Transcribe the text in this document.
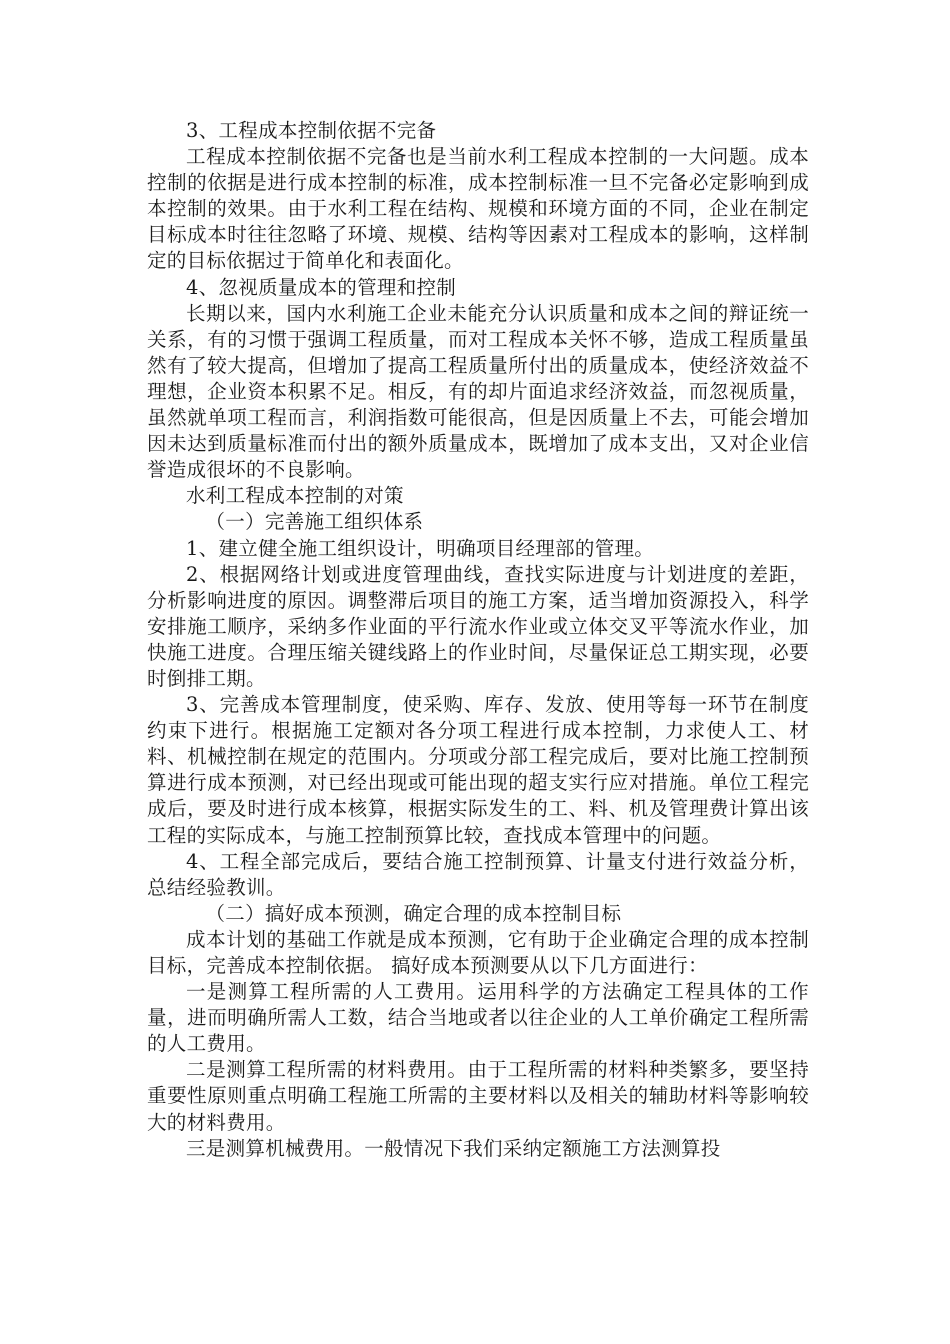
3、工程成本控制依据不完备

工程成本控制依据不完备也是当前水利工程成本控制的一大问题。成本控制的依据是进行成本控制的标准，成本控制标准一旦不完备必定影响到成本控制的效果。由于水利工程在结构、规模和环境方面的不同，企业在制定目标成本时往往忽略了环境、规模、结构等因素对工程成本的影响，这样制定的目标依据过于简单化和表面化。

4、忽视质量成本的管理和控制

长期以来，国内水利施工企业未能充分认识质量和成本之间的辩证统一关系，有的习惯于强调工程质量，而对工程成本关怀不够，造成工程质量虽然有了较大提高，但增加了提高工程质量所付出的质量成本，使经济效益不理想，企业资本积累不足。相反，有的却片面追求经济效益，而忽视质量，虽然就单项工程而言，利润指数可能很高，但是因质量上不去，可能会增加因未达到质量标准而付出的额外质量成本，既增加了成本支出，又对企业信誉造成很坏的不良影响。

水利工程成本控制的对策

（一）完善施工组织体系

1、建立健全施工组织设计，明确项目经理部的管理。

2、根据网络计划或进度管理曲线，查找实际进度与计划进度的差距，分析影响进度的原因。调整滞后项目的施工方案，适当增加资源投入，科学安排施工顺序，采纳多作业面的平行流水作业或立体交叉平等流水作业，加快施工进度。合理压缩关键线路上的作业时间，尽量保证总工期实现，必要时倒排工期。

3、完善成本管理制度，使采购、库存、发放、使用等每一环节在制度约束下进行。根据施工定额对各分项工程进行成本控制，力求使人工、材料、机械控制在规定的范围内。分项或分部工程完成后，要对比施工控制预算进行成本预测，对已经出现或可能出现的超支实行应对措施。单位工程完成后，要及时进行成本核算，根据实际发生的工、料、机及管理费计算出该工程的实际成本，与施工控制预算比较，查找成本管理中的问题。

4、工程全部完成后，要结合施工控制预算、计量支付进行效益分析，总结经验教训。

（二）搞好成本预测，确定合理的成本控制目标

成本计划的基础工作就是成本预测，它有助于企业确定合理的成本控制目标，完善成本控制依据。 搞好成本预测要从以下几方面进行：

一是测算工程所需的人工费用。运用科学的方法确定工程具体的工作量，进而明确所需人工数，结合当地或者以往企业的人工单价确定工程所需的人工费用。

二是测算工程所需的材料费用。由于工程所需的材料种类繁多，要坚持重要性原则重点明确工程施工所需的主要材料以及相关的辅助材料等影响较大的材料费用。

三是测算机械费用。一般情况下我们采纳定额施工方法测算投
